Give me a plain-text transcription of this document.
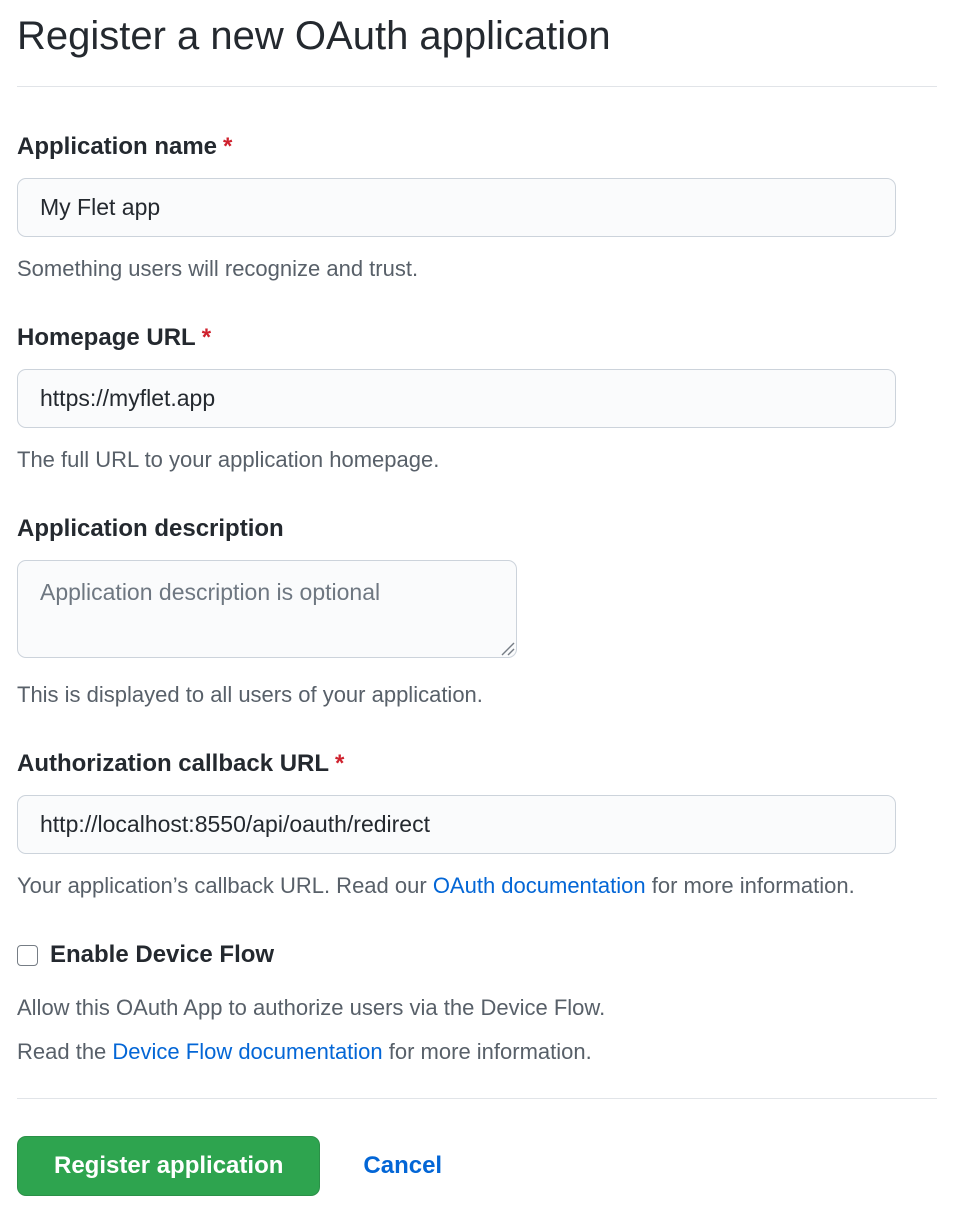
Register a new OAuth application
Application name *
My Flet app
Something users will recognize and trust.
Homepage URL *
https://myflet.app
The full URL to your application homepage.
Application description
Application description is optional
This is displayed to all users of your application.
Authorization callback URL *
http://localhost:8550/api/oauth/redirect
Your application’s callback URL. Read our OAuth documentation for more information.
Enable Device Flow
Allow this OAuth App to authorize users via the Device Flow.
Read the Device Flow documentation for more information.
Register application	Cancel
